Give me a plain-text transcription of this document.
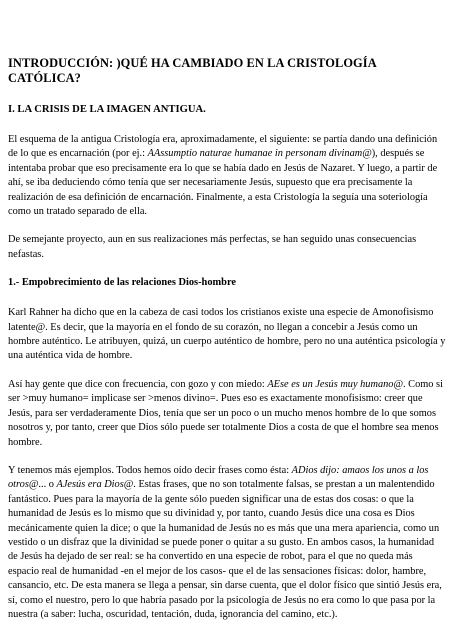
INTRODUCCIÓN: )QUÉ HA CAMBIADO EN LA CRISTOLOGÍA CATÓLICA?
I. LA CRISIS DE LA IMAGEN ANTIGUA.

El esquema de la antigua Cristología era, aproximadamente, el siguiente: se partía dando una definición de lo que es encarnación (por ej.: AAssumptio naturae humanae in personam divinam@), después se intentaba probar que eso precisamente era lo que se había dado en Jesús de Nazaret. Y luego, a partir de ahí, se iba deduciendo cómo tenía que ser necesariamente Jesús, supuesto que era precisamente la realización de esa definición de encarnación. Finalmente, a esta Cristología la seguía una soteriología como un tratado separado de ella.

De semejante proyecto, aun en sus realizaciones más perfectas, se han seguido unas consecuencias nefastas.

1.- Empobrecimiento de las relaciones Dios-hombre

Karl Rahner ha dicho que en la cabeza de casi todos los cristianos existe una especie de Amonofisismo latente@. Es decir, que la mayoría en el fondo de su corazón, no llegan a concebir a Jesús como un hombre auténtico. Le atribuyen, quizá, un cuerpo auténtico de hombre, pero no una auténtica psicología y una auténtica vida de hombre.

Así hay gente que dice con frecuencia, con gozo y con miedo: AEse es un Jesús muy humano@. Como si ser >muy humano= implicase ser >menos divino=. Pues eso es exactamente monofisismo: creer que Jesús, para ser verdaderamente Dios, tenía que ser un poco o un mucho menos hombre de lo que somos nosotros y, por tanto, creer que Dios sólo puede ser totalmente Dios a costa de que el hombre sea menos hombre.

Y tenemos más ejemplos. Todos hemos oído decir frases como ésta: ADios dijo: amaos los unos a los otros@... o AJesús era Dios@. Estas frases, que no son totalmente falsas, se prestan a un malentendido fantástico. Pues para la mayoría de la gente sólo pueden significar una de estas dos cosas: o que la humanidad de Jesús es lo mismo que su divinidad y, por tanto, cuando Jesús dice una cosa es Dios mecánicamente quien la dice; o que la humanidad de Jesús no es más que una mera apariencia, como un vestido o un disfraz que la divinidad se puede poner o quitar a su gusto. En ambos casos, la humanidad de Jesús ha dejado de ser real: se ha convertido en una especie de robot, para el que no queda más espacio real de humanidad -en el mejor de los casos- que el de las sensaciones físicas: dolor, hambre, cansancio, etc. De esta manera se llega a pensar, sin darse cuenta, que el dolor físico que sintió Jesús era, sí, como el nuestro, pero lo que habría pasado por la psicología de Jesús no era como lo que pasa por la nuestra (a saber: lucha, oscuridad, tentación, duda, ignorancia del camino, etc.).
